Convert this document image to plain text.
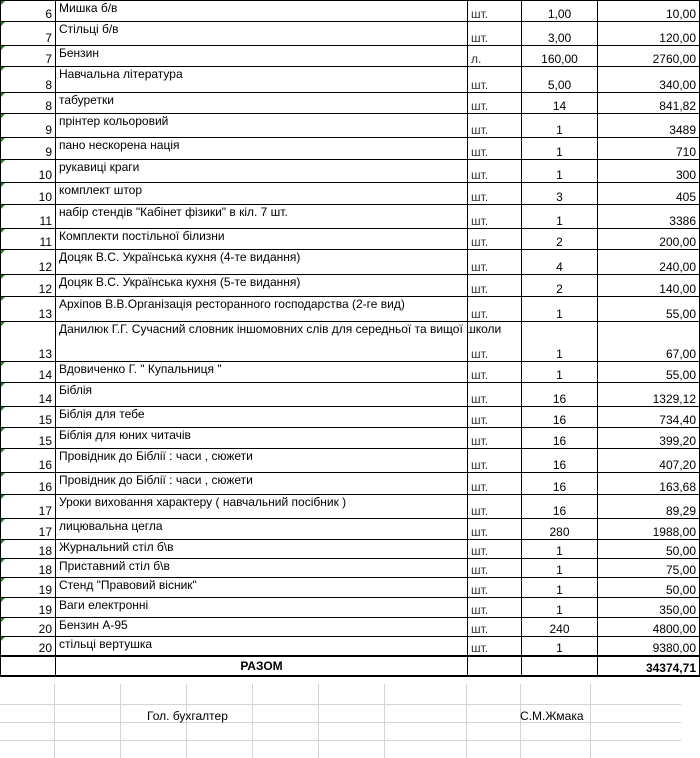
6	Мишка б/в	шт.	1,00	10,00
7	Стільці б/в	шт.	3,00	120,00
7	Бензин	л.	160,00	2760,00
8	Навчальна література	шт.	5,00	340,00
8	табуретки	шт.	14	841,82
9	прінтер кольоровий	шт.	1	3489
9	пано нескорена нація	шт.	1	710
10	рукавиці краги	шт.	1	300
10	комплект штор	шт.	3	405
11	набір стендів "Кабінет фізики" в кіл. 7 шт.	шт.	1	3386
11	Комплекти постільної білизни	шт.	2	200,00
12	Доцяк В.С. Українська кухня (4-те видання)	шт.	4	240,00
12	Доцяк В.С. Українська кухня (5-те видання)	шт.	2	140,00
13	Архіпов В.В.Організація ресторанного господарства (2-ге вид)	шт.	1	55,00
13	Данилюк Г.Г. Сучасний словник іншомовних слів для середньої та вищої школи	шт.	1	67,00
14	Вдовиченко Г. " Купальниця "	шт.	1	55,00
14	Біблія	шт.	16	1329,12
15	Біблія для тебе	шт.	16	734,40
15	Біблія для юних читачів	шт.	16	399,20
16	Провідник до Біблії : часи , сюжети	шт.	16	407,20
16	Провідник до Біблії : часи , сюжети	шт.	16	163,68
17	Уроки виховання характеру ( навчальний посібник )	шт.	16	89,29
17	лицювальна цегла	шт.	280	1988,00
18	Журнальний стіл б\в	шт.	1	50,00
18	Приставний стіл б\в	шт.	1	75,00
19	Стенд "Правовий вісник"	шт.	1	50,00
19	Ваги електронні	шт.	1	350,00
20	Бензин А-95	шт.	240	4800,00
20	стільці вертушка	шт.	1	9380,00
	РАЗОМ			34374,71
Гол. бухгалтер	С.М.Жмака
